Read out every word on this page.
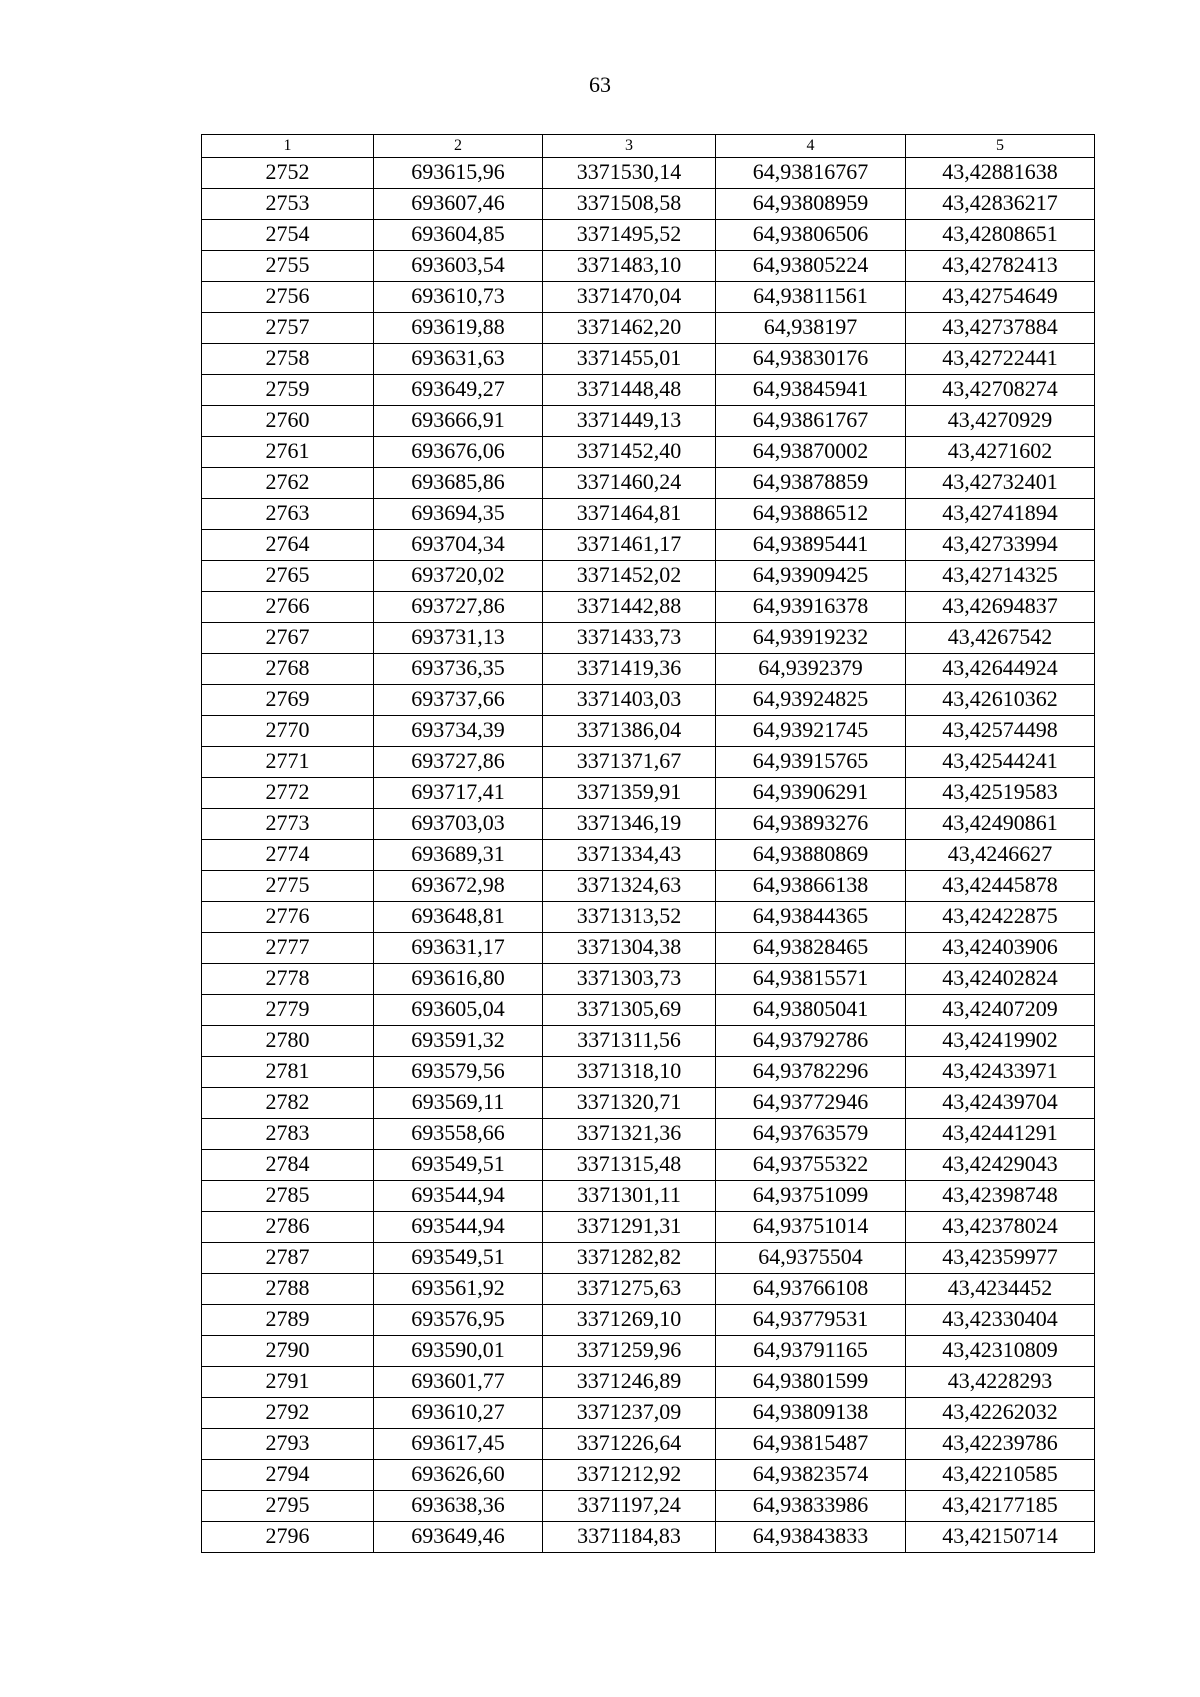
63
1	2	3	4	5
2752	693615,96	3371530,14	64,93816767	43,42881638
2753	693607,46	3371508,58	64,93808959	43,42836217
2754	693604,85	3371495,52	64,93806506	43,42808651
2755	693603,54	3371483,10	64,93805224	43,42782413
2756	693610,73	3371470,04	64,93811561	43,42754649
2757	693619,88	3371462,20	64,938197	43,42737884
2758	693631,63	3371455,01	64,93830176	43,42722441
2759	693649,27	3371448,48	64,93845941	43,42708274
2760	693666,91	3371449,13	64,93861767	43,4270929
2761	693676,06	3371452,40	64,93870002	43,4271602
2762	693685,86	3371460,24	64,93878859	43,42732401
2763	693694,35	3371464,81	64,93886512	43,42741894
2764	693704,34	3371461,17	64,93895441	43,42733994
2765	693720,02	3371452,02	64,93909425	43,42714325
2766	693727,86	3371442,88	64,93916378	43,42694837
2767	693731,13	3371433,73	64,93919232	43,4267542
2768	693736,35	3371419,36	64,9392379	43,42644924
2769	693737,66	3371403,03	64,93924825	43,42610362
2770	693734,39	3371386,04	64,93921745	43,42574498
2771	693727,86	3371371,67	64,93915765	43,42544241
2772	693717,41	3371359,91	64,93906291	43,42519583
2773	693703,03	3371346,19	64,93893276	43,42490861
2774	693689,31	3371334,43	64,93880869	43,4246627
2775	693672,98	3371324,63	64,93866138	43,42445878
2776	693648,81	3371313,52	64,93844365	43,42422875
2777	693631,17	3371304,38	64,93828465	43,42403906
2778	693616,80	3371303,73	64,93815571	43,42402824
2779	693605,04	3371305,69	64,93805041	43,42407209
2780	693591,32	3371311,56	64,93792786	43,42419902
2781	693579,56	3371318,10	64,93782296	43,42433971
2782	693569,11	3371320,71	64,93772946	43,42439704
2783	693558,66	3371321,36	64,93763579	43,42441291
2784	693549,51	3371315,48	64,93755322	43,42429043
2785	693544,94	3371301,11	64,93751099	43,42398748
2786	693544,94	3371291,31	64,93751014	43,42378024
2787	693549,51	3371282,82	64,9375504	43,42359977
2788	693561,92	3371275,63	64,93766108	43,4234452
2789	693576,95	3371269,10	64,93779531	43,42330404
2790	693590,01	3371259,96	64,93791165	43,42310809
2791	693601,77	3371246,89	64,93801599	43,4228293
2792	693610,27	3371237,09	64,93809138	43,42262032
2793	693617,45	3371226,64	64,93815487	43,42239786
2794	693626,60	3371212,92	64,93823574	43,42210585
2795	693638,36	3371197,24	64,93833986	43,42177185
2796	693649,46	3371184,83	64,93843833	43,42150714
